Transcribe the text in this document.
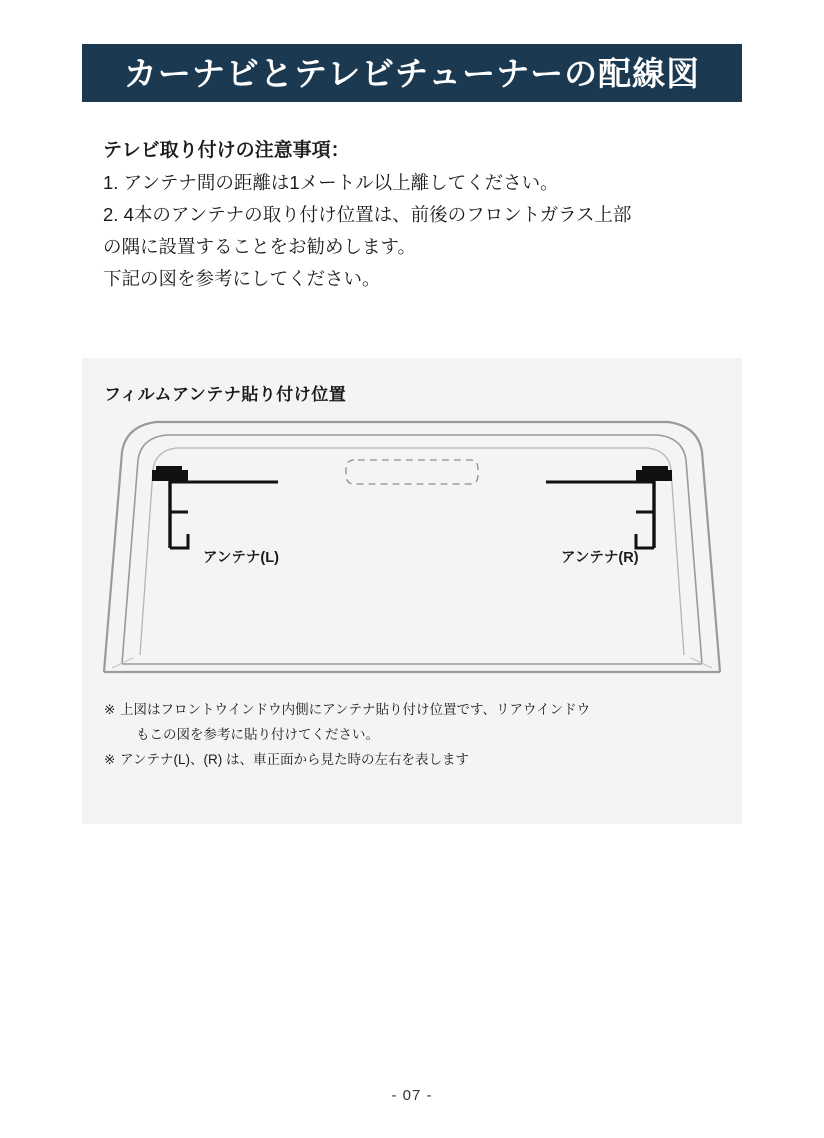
カーナビとテレビチューナーの配線図
テレビ取り付けの注意事項：
1. アンテナ間の距離は1メートル以上離してください。
2. 4本のアンテナの取り付け位置は、前後のフロントガラス上部
の隅に設置することをお勧めします。
下記の図を参考にしてください。
フィルムアンテナ貼り付け位置
アンテナ(L)	アンテナ(R)
※ 上図はフロントウインドウ内側にアンテナ貼り付け位置です、リアウインドウ
もこの図を参考に貼り付けてください。
※ アンテナ(L)、(R) は、車正面から見た時の左右を表します
- 07 -
